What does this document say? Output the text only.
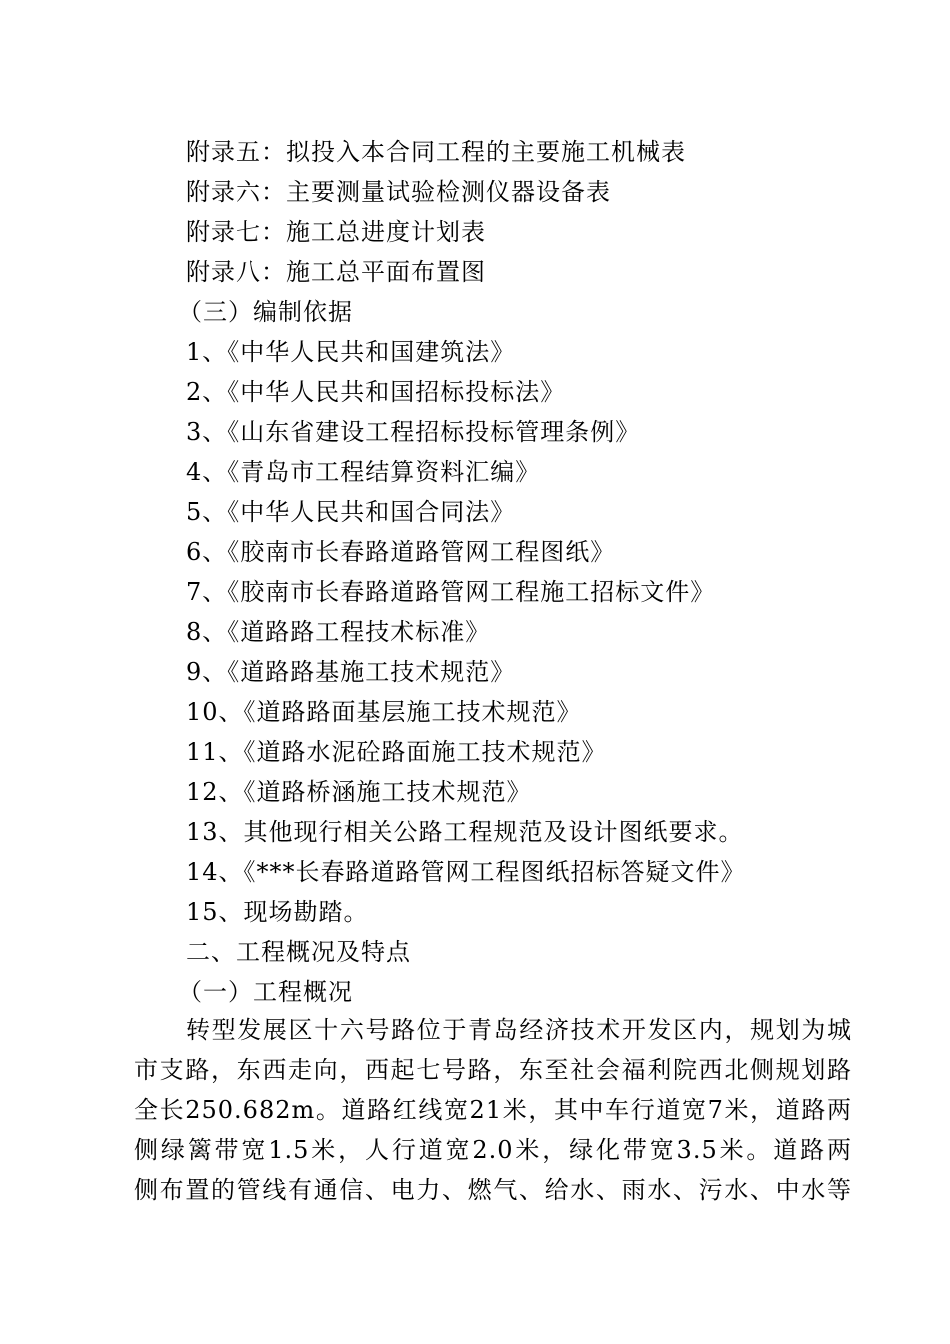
附录五：拟投入本合同工程的主要施工机械表
附录六：主要测量试验检测仪器设备表
附录七：施工总进度计划表
附录八：施工总平面布置图
（三）编制依据
1、《中华人民共和国建筑法》
2、《中华人民共和国招标投标法》
3、《山东省建设工程招标投标管理条例》
4、《青岛市工程结算资料汇编》
5、《中华人民共和国合同法》
6、《胶南市长春路道路管网工程图纸》
7、《胶南市长春路道路管网工程施工招标文件》
8、《道路路工程技术标准》
9、《道路路基施工技术规范》
10、《道路路面基层施工技术规范》
11、《道路水泥砼路面施工技术规范》
12、《道路桥涵施工技术规范》
13、其他现行相关公路工程规范及设计图纸要求。
14、《***长春路道路管网工程图纸招标答疑文件》
15、现场勘踏。
二、工程概况及特点
（一）工程概况
转型发展区十六号路位于青岛经济技术开发区内，规划为城
市支路，东西走向，西起七号路，东至社会福利院西北侧规划路
全长250.682m。道路红线宽21米，其中车行道宽7米，道路两
侧绿篱带宽1.5米，人行道宽2.0米，绿化带宽3.5米。道路两
侧布置的管线有通信、电力、燃气、给水、雨水、污水、中水等
